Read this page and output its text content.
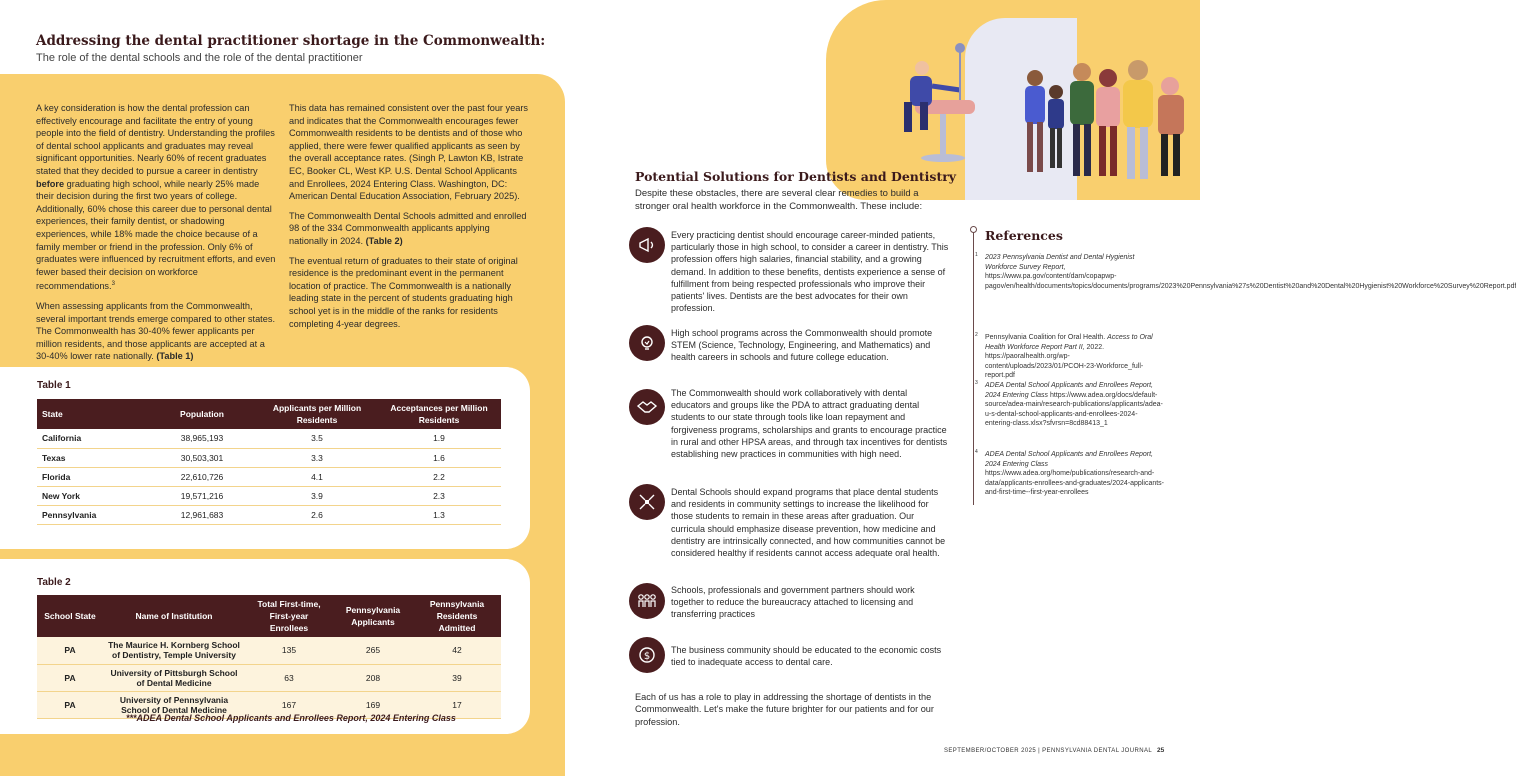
Addressing the dental practitioner shortage in the Commonwealth:
The role of the dental schools and the role of the dental practitioner

A key consideration is how the dental profession can effectively encourage and facilitate the entry of young people into the field of dentistry. Understanding the profiles of dental school applicants and graduates may reveal significant opportunities. Nearly 60% of recent graduates stated that they decided to pursue a career in dentistry before graduating high school, while nearly 25% made their decision during the first two years of college. Additionally, 60% chose this career due to personal dental experiences, their family dentist, or shadowing experiences, while 18% made the choice because of a family member or friend in the profession. Only 6% of graduates were influenced by recruitment efforts, and even fewer based their decision on workforce recommendations.$^3$

When assessing applicants from the Commonwealth, several important trends emerge compared to other states. The Commonwealth has 30-40% fewer applicants per million residents, and those applicants are accepted at a 30-40% lower rate nationally. (Table 1)

This data has remained consistent over the past four years and indicates that the Commonwealth encourages fewer Commonwealth residents to be dentists and of those who applied, there were fewer qualified applicants as seen by the overall acceptance rates. (Singh P, Lawton KB, Istrate EC, Booker CL, West KP. U.S. Dental School Applicants and Enrollees, 2024 Entering Class. Washington, DC: American Dental Education Association, February 2025).

The Commonwealth Dental Schools admitted and enrolled 98 of the 334 Commonwealth applicants applying nationally in 2024. (Table 2)

The eventual return of graduates to their state of original residence is the predominant event in the permanent location of practice. The Commonwealth is a nationally leading state in the percent of students graduating high school yet is in the middle of the ranks for residents completing 4-year degrees.

Table 1
State	Population	Applicants per Million Residents	Acceptances per Million Residents
California	38,965,193	3.5	1.9
Texas	30,503,301	3.3	1.6
Florida	22,610,726	4.1	2.2
New York	19,571,216	3.9	2.3
Pennsylvania	12,961,683	2.6	1.3
Table 2
School State	Name of Institution	Total First-time, First-year Enrollees	Pennsylvania Applicants	Pennsylvania Residents Admitted
PA	The Maurice H. Kornberg School of Dentistry, Temple University	135	265	42
PA	University of Pittsburgh School of Dental Medicine	63	208	39
PA	University of Pennsylvania School of Dental Medicine	167	169	17
***ADEA Dental School Applicants and Enrollees Report, 2024 Entering Class
Potential Solutions for Dentists and Dentistry
Despite these obstacles, there are several clear remedies to build a stronger oral health workforce in the Commonwealth. These include:
Every practicing dentist should encourage career-minded patients, particularly those in high school, to consider a career in dentistry. This profession offers high salaries, financial stability, and a growing demand. In addition to these benefits, dentists experience a sense of fulfillment from being respected professionals who improve their patients' lives. Dentists are the best advocates for their own profession.
High school programs across the Commonwealth should promote STEM (Science, Technology, Engineering, and Mathematics) and health careers in schools and future college education.
The Commonwealth should work collaboratively with dental educators and groups like the PDA to attract graduating dental students to our state through tools like loan repayment and forgiveness programs, scholarships and grants to encourage practice in rural and other HPSA areas, and through tax incentives for dentists establishing new practices in communities with high need.
Dental Schools should expand programs that place dental students and residents in community settings to increase the likelihood for those students to remain in these areas after graduation. Our curricula should emphasize disease prevention, how medicine and dentistry are intrinsically connected, and how communities cannot be considered healthy if residents cannot access adequate oral health.
Schools, professionals and government partners should work together to reduce the bureaucracy attached to licensing and transferring practices
$
The business community should be educated to the economic costs tied to inadequate access to dental care.
Each of us has a role to play in addressing the shortage of dentists in the Commonwealth. Let's make the future brighter for our patients and for our profession.
References
1 2023 Pennsylvania Dentist and Dental Hygienist Workforce Survey Report, https://www.pa.gov/content/dam/copapwp-pagov/en/health/documents/topics/documents/programs/2023%20Pennsylvania%27s%20Dentist%20and%20Dental%20Hygienist%20Workforce%20Survey%20Report.pdf
2 Pennsylvania Coalition for Oral Health. Access to Oral Health Workforce Report Part II, 2022. https://paoralhealth.org/wp-content/uploads/2023/01/PCOH-23-Workforce_full-report.pdf
3 ADEA Dental School Applicants and Enrollees Report, 2024 Entering Class https://www.adea.org/docs/default-source/adea-main/research-publications/applicants/adea-u-s-dental-school-applicants-and-enrollees-2024-entering-class.xlsx?sfvrsn=8cd88413_1
4 ADEA Dental School Applicants and Enrollees Report, 2024 Entering Class https://www.adea.org/home/publications/research-and-data/applicants-enrollees-and-graduates/2024-applicants-and-first-time--first-year-enrollees
SEPTEMBER/OCTOBER 2025 | PENNSYLVANIA DENTAL JOURNAL 25
